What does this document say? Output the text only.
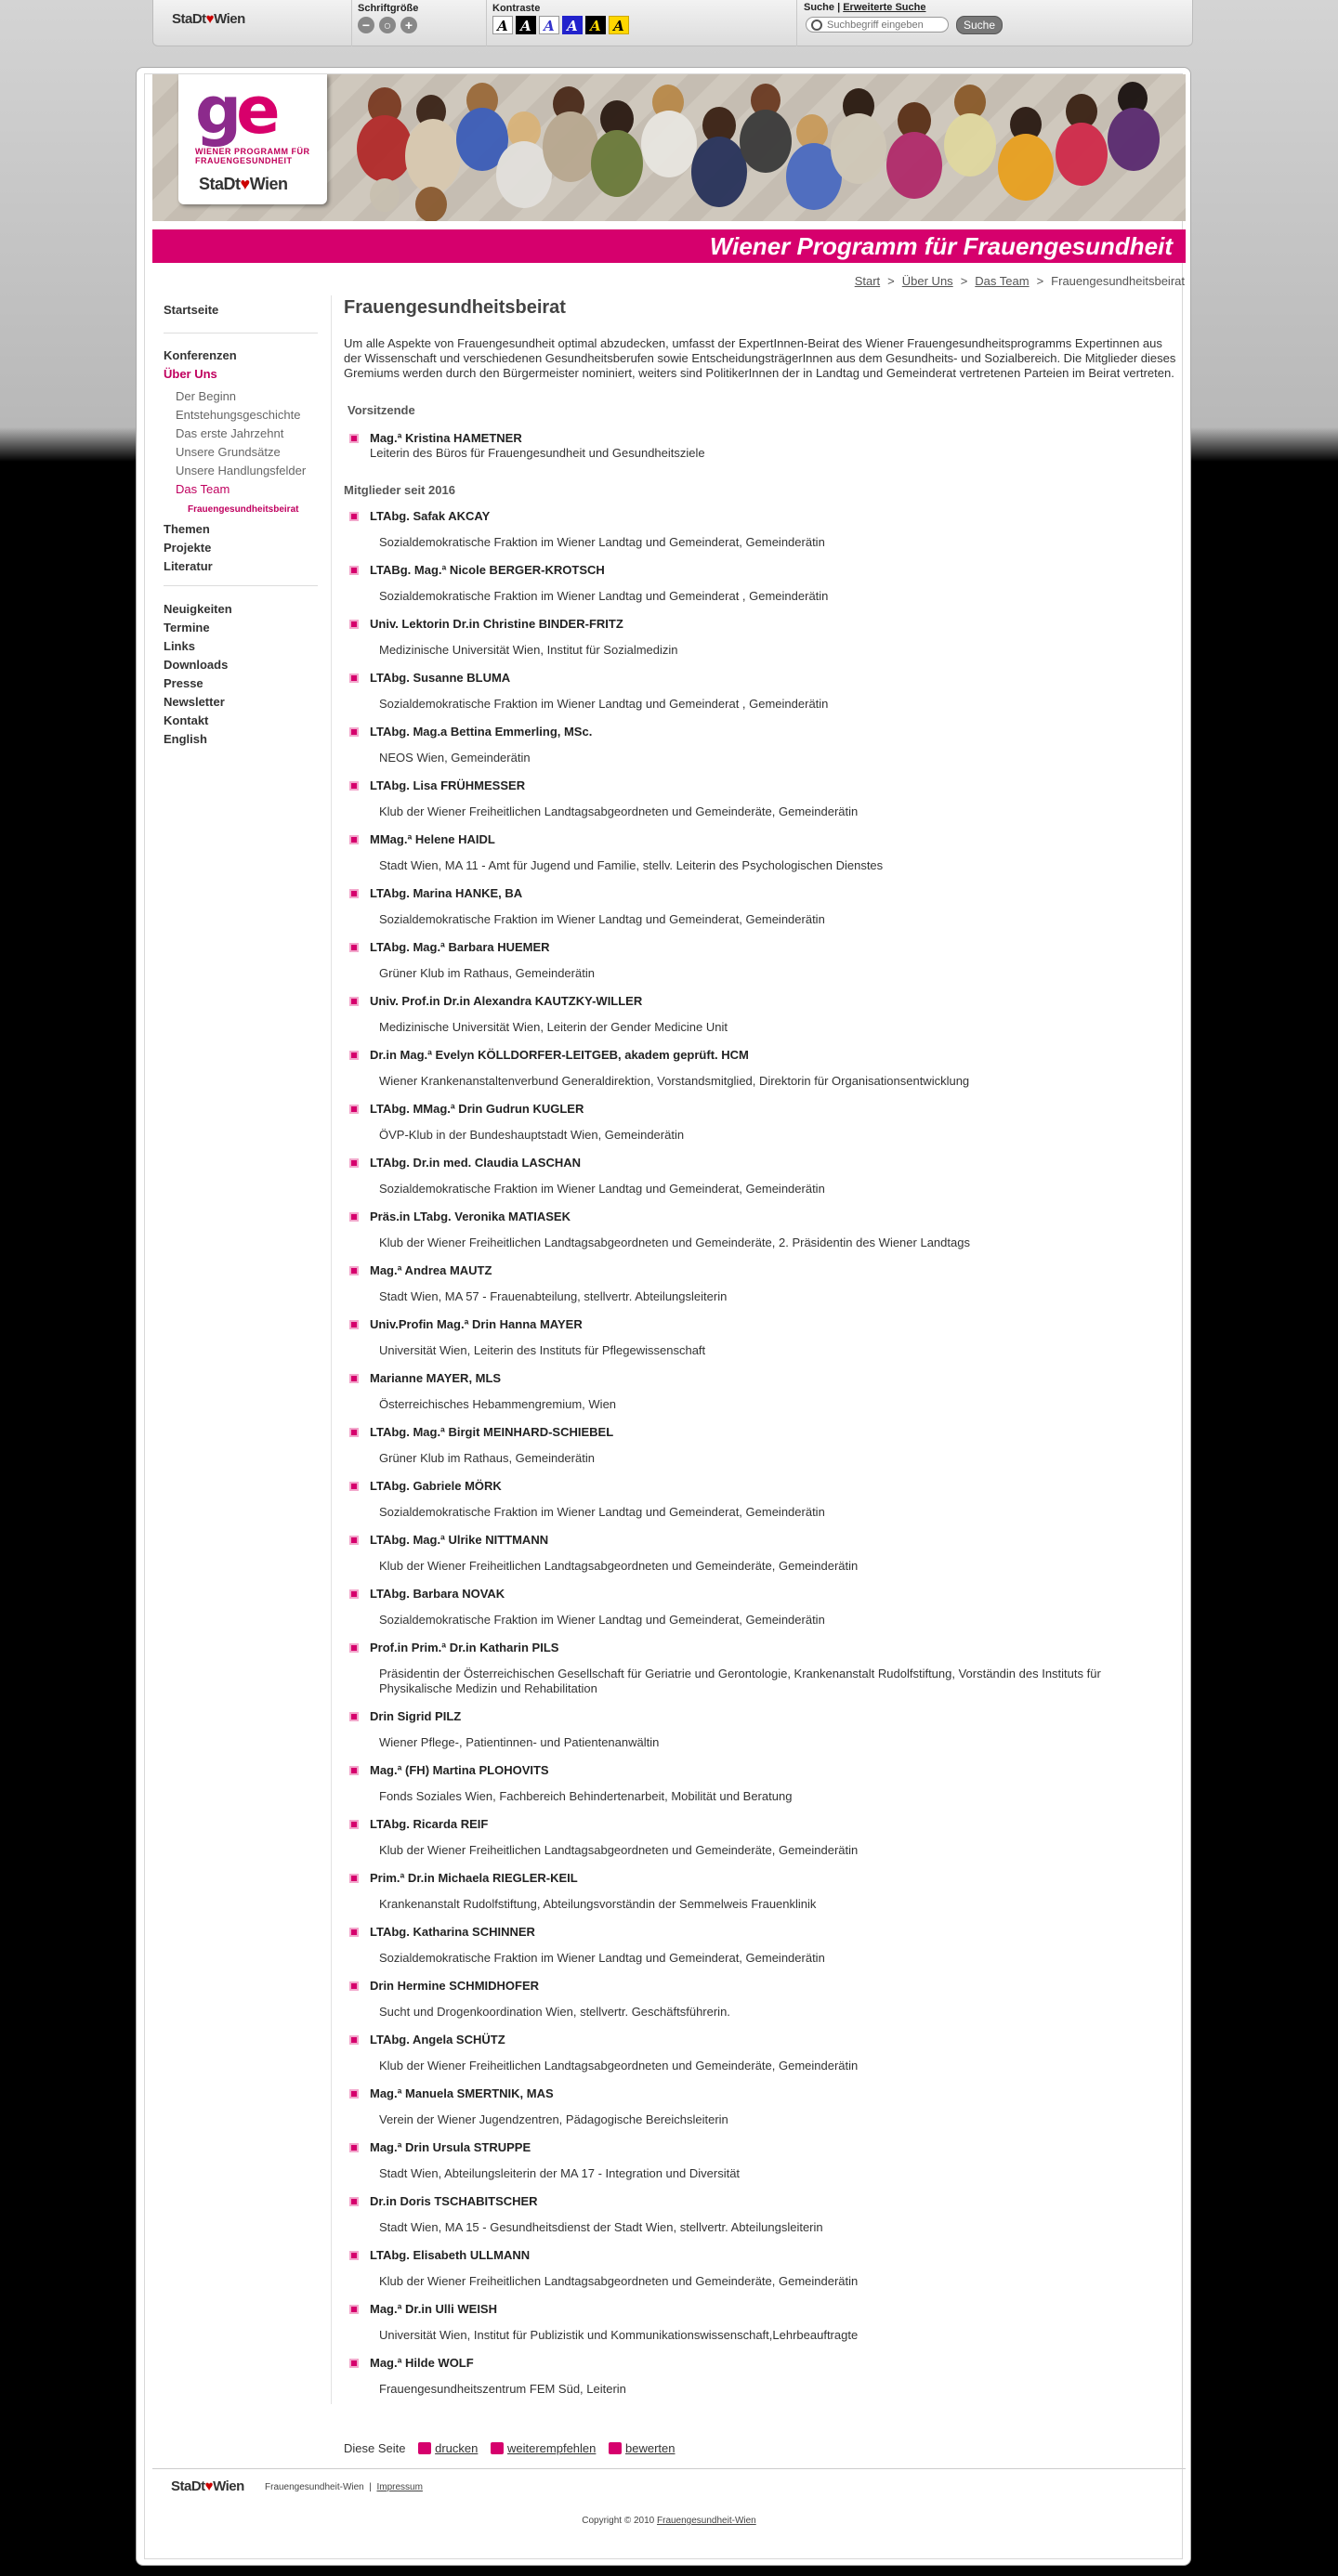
StaDt♥Wien
Schriftgröße
−	○	+
Kontraste
A A A A A A
Suche | Erweiterte Suche
Suchbegriff eingeben
Suche
ge
WIENER PROGRAMM FÜR
FRAUENGESUNDHEIT
StaDt♥Wien
Wiener Programm für Frauengesundheit
Start > Über Uns > Das Team > Frauengesundheitsbeirat
Startseite
Konferenzen
Über Uns
Der Beginn
Entstehungsgeschichte
Das erste Jahrzehnt
Unsere Grundsätze
Unsere Handlungsfelder
Das Team
Frauengesundheitsbeirat
Themen
Projekte
Literatur
Neuigkeiten
Termine
Links
Downloads
Presse
Newsletter
Kontakt
English
Frauengesundheitsbeirat
Um alle Aspekte von Frauengesundheit optimal abzudecken, umfasst der ExpertInnen-Beirat des Wiener Frauengesundheitsprogramms Expertinnen aus der Wissenschaft und verschiedenen Gesundheitsberufen sowie EntscheidungsträgerInnen aus dem Gesundheits- und Sozialbereich. Die Mitglieder dieses Gremiums werden durch den Bürgermeister nominiert, weiters sind PolitikerInnen der in Landtag und Gemeinderat vertretenen Parteien im Beirat vertreten.
Vorsitzende
Mag.ª Kristina HAMETNER
Leiterin des Büros für Frauengesundheit und Gesundheitsziele
Mitglieder seit 2016
LTAbg. Safak AKCAY
Sozialdemokratische Fraktion im Wiener Landtag und Gemeinderat, Gemeinderätin
LTABg. Mag.ª Nicole BERGER-KROTSCH
Sozialdemokratische Fraktion im Wiener Landtag und Gemeinderat , Gemeinderätin
Univ. Lektorin Dr.in Christine BINDER-FRITZ
Medizinische Universität Wien, Institut für Sozialmedizin
LTAbg. Susanne BLUMA
Sozialdemokratische Fraktion im Wiener Landtag und Gemeinderat , Gemeinderätin
LTAbg. Mag.a Bettina Emmerling, MSc.
NEOS Wien, Gemeinderätin
LTAbg. Lisa FRÜHMESSER
Klub der Wiener Freiheitlichen Landtagsabgeordneten und Gemeinderäte, Gemeinderätin
MMag.ª Helene HAIDL
Stadt Wien, MA 11 - Amt für Jugend und Familie, stellv. Leiterin des Psychologischen Dienstes
LTAbg. Marina HANKE, BA
Sozialdemokratische Fraktion im Wiener Landtag und Gemeinderat, Gemeinderätin
LTAbg. Mag.ª Barbara HUEMER
Grüner Klub im Rathaus, Gemeinderätin
Univ. Prof.in Dr.in Alexandra KAUTZKY-WILLER
Medizinische Universität Wien, Leiterin der Gender Medicine Unit
Dr.in Mag.ª Evelyn KÖLLDORFER-LEITGEB, akadem geprüft. HCM
Wiener Krankenanstaltenverbund Generaldirektion, Vorstandsmitglied, Direktorin für Organisationsentwicklung
LTAbg. MMag.ª Drin Gudrun KUGLER
ÖVP-Klub in der Bundeshauptstadt Wien, Gemeinderätin
LTAbg. Dr.in med. Claudia LASCHAN
Sozialdemokratische Fraktion im Wiener Landtag und Gemeinderat, Gemeinderätin
Präs.in LTabg. Veronika MATIASEK
Klub der Wiener Freiheitlichen Landtagsabgeordneten und Gemeinderäte, 2. Präsidentin des Wiener Landtags
Mag.ª Andrea MAUTZ
Stadt Wien, MA 57 - Frauenabteilung, stellvertr. Abteilungsleiterin
Univ.Profin Mag.ª Drin Hanna MAYER
Universität Wien, Leiterin des Instituts für Pflegewissenschaft
Marianne MAYER, MLS
Österreichisches Hebammengremium, Wien
LTAbg. Mag.ª Birgit MEINHARD-SCHIEBEL
Grüner Klub im Rathaus, Gemeinderätin
LTAbg. Gabriele MÖRK
Sozialdemokratische Fraktion im Wiener Landtag und Gemeinderat, Gemeinderätin
LTAbg. Mag.ª Ulrike NITTMANN
Klub der Wiener Freiheitlichen Landtagsabgeordneten und Gemeinderäte, Gemeinderätin
LTAbg. Barbara NOVAK
Sozialdemokratische Fraktion im Wiener Landtag und Gemeinderat, Gemeinderätin
Prof.in Prim.ª Dr.in Katharin PILS
Präsidentin der Österreichischen Gesellschaft für Geriatrie und Gerontologie, Krankenanstalt Rudolfstiftung, Vorständin des Instituts für Physikalische Medizin und Rehabilitation
Drin Sigrid PILZ
Wiener Pflege-, Patientinnen- und Patientenanwältin
Mag.ª (FH) Martina PLOHOVITS
Fonds Soziales Wien, Fachbereich Behindertenarbeit, Mobilität und Beratung
LTAbg. Ricarda REIF
Klub der Wiener Freiheitlichen Landtagsabgeordneten und Gemeinderäte, Gemeinderätin
Prim.ª Dr.in Michaela RIEGLER-KEIL
Krankenanstalt Rudolfstiftung, Abteilungsvorständin der Semmelweis Frauenklinik
LTAbg. Katharina SCHINNER
Sozialdemokratische Fraktion im Wiener Landtag und Gemeinderat, Gemeinderätin
Drin Hermine SCHMIDHOFER
Sucht und Drogenkoordination Wien, stellvertr. Geschäftsführerin.
LTAbg. Angela SCHÜTZ
Klub der Wiener Freiheitlichen Landtagsabgeordneten und Gemeinderäte, Gemeinderätin
Mag.ª Manuela SMERTNIK, MAS
Verein der Wiener Jugendzentren, Pädagogische Bereichsleiterin
Mag.ª Drin Ursula STRUPPE
Stadt Wien, Abteilungsleiterin der MA 17 - Integration und Diversität
Dr.in Doris TSCHABITSCHER
Stadt Wien, MA 15 - Gesundheitsdienst der Stadt Wien, stellvertr. Abteilungsleiterin
LTAbg. Elisabeth ULLMANN
Klub der Wiener Freiheitlichen Landtagsabgeordneten und Gemeinderäte, Gemeinderätin
Mag.ª Dr.in Ulli WEISH
Universität Wien, Institut für Publizistik und Kommunikationswissenschaft,Lehrbeauftragte
Mag.ª Hilde WOLF
Frauengesundheitszentrum FEM Süd, Leiterin
Diese Seite drucken weiterempfehlen bewerten
StaDt♥Wien Frauengesundheit-Wien | Impressum
Copyright © 2010 Frauengesundheit-Wien
